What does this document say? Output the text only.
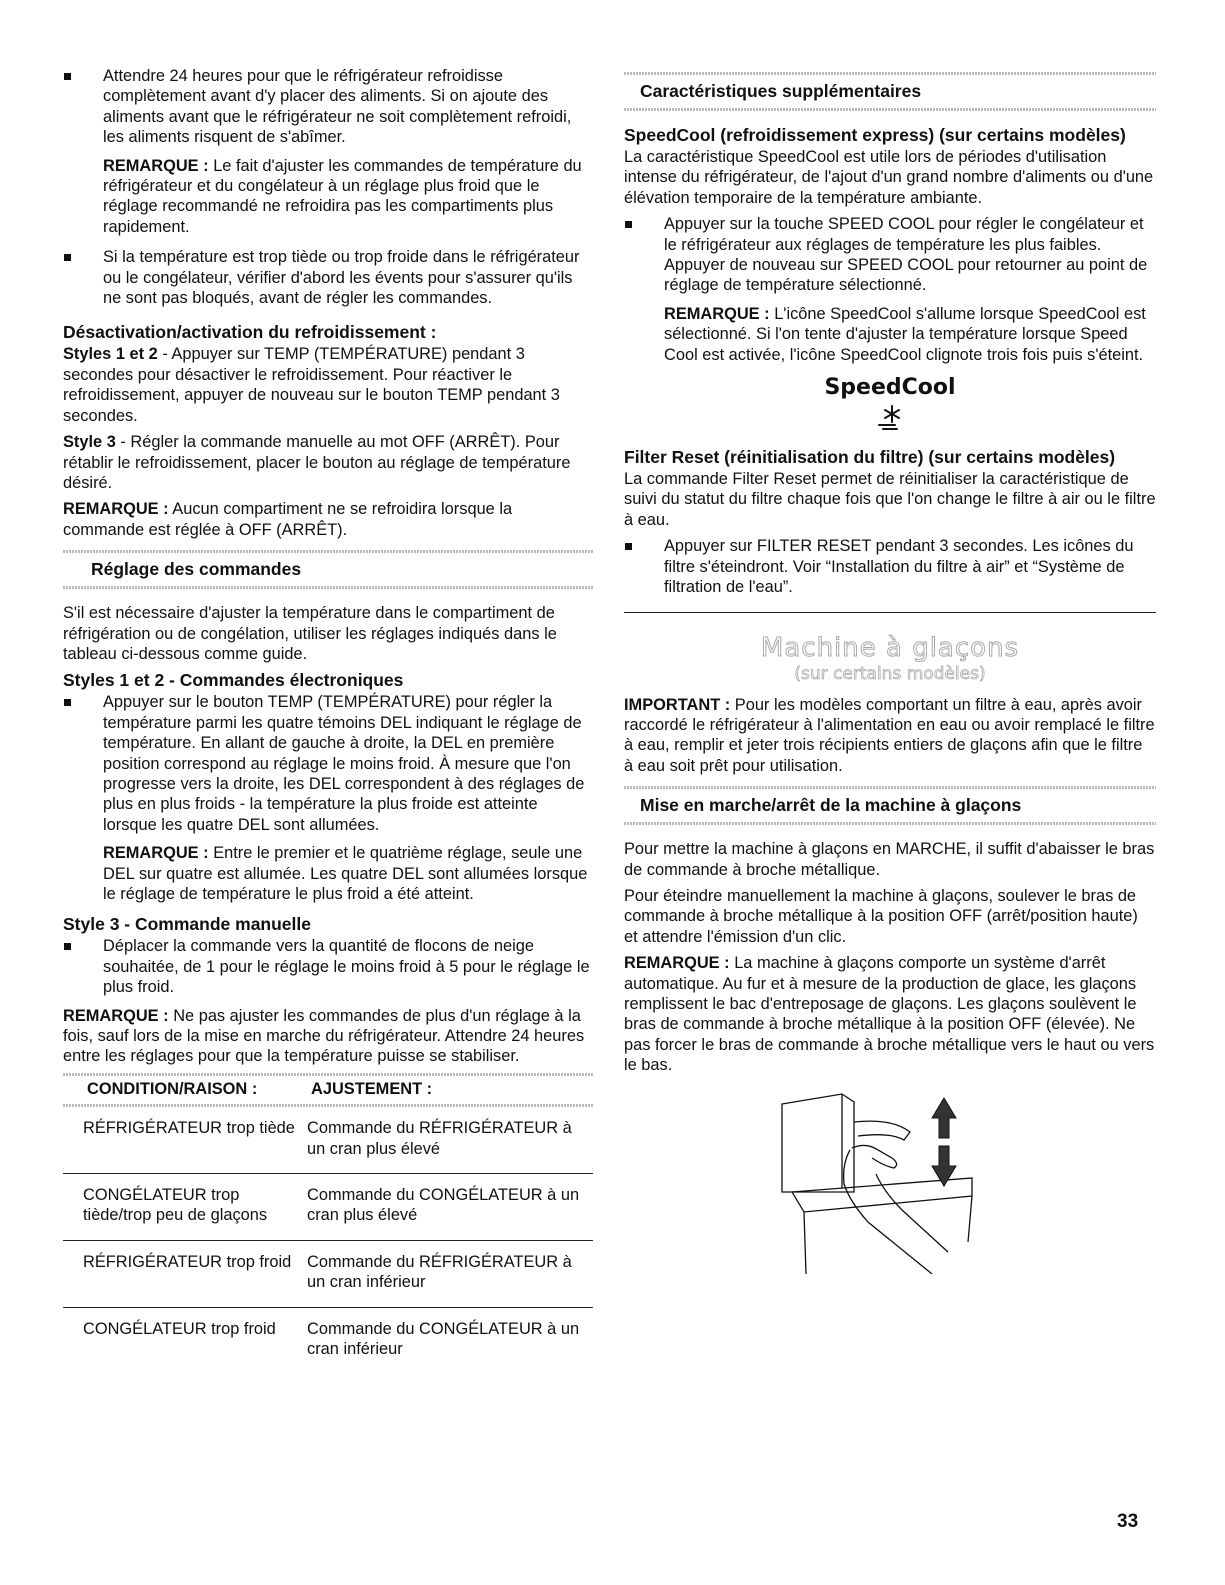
Attendre 24 heures pour que le réfrigérateur refroidisse complètement avant d'y placer des aliments. Si on ajoute des aliments avant que le réfrigérateur ne soit complètement refroidi, les aliments risquent de s'abîmer.
REMARQUE : Le fait d'ajuster les commandes de température du réfrigérateur et du congélateur à un réglage plus froid que le réglage recommandé ne refroidira pas les compartiments plus rapidement.
Si la température est trop tiède ou trop froide dans le réfrigérateur ou le congélateur, vérifier d'abord les évents pour s'assurer qu'ils ne sont pas bloqués, avant de régler les commandes.
Désactivation/activation du refroidissement :

Styles 1 et 2 - Appuyer sur TEMP (TEMPÉRATURE) pendant 3 secondes pour désactiver le refroidissement. Pour réactiver le refroidissement, appuyer de nouveau sur le bouton TEMP pendant 3 secondes.

Style 3 - Régler la commande manuelle au mot OFF (ARRÊT). Pour rétablir le refroidissement, placer le bouton au réglage de température désiré.

REMARQUE : Aucun compartiment ne se refroidira lorsque la commande est réglée à OFF (ARRÊT).

Réglage des commandes

S'il est nécessaire d'ajuster la température dans le compartiment de réfrigération ou de congélation, utiliser les réglages indiqués dans le tableau ci-dessous comme guide.

Styles 1 et 2 - Commandes électroniques
Appuyer sur le bouton TEMP (TEMPÉRATURE) pour régler la température parmi les quatre témoins DEL indiquant le réglage de température. En allant de gauche à droite, la DEL en première position correspond au réglage le moins froid. À mesure que l'on progresse vers la droite, les DEL correspondent à des réglages de plus en plus froids - la température la plus froide est atteinte lorsque les quatre DEL sont allumées.
REMARQUE : Entre le premier et le quatrième réglage, seule une DEL sur quatre est allumée. Les quatre DEL sont allumées lorsque le réglage de température le plus froid a été atteint.
Style 3 - Commande manuelle
Déplacer la commande vers la quantité de flocons de neige souhaitée, de 1 pour le réglage le moins froid à 5 pour le réglage le plus froid.

REMARQUE : Ne pas ajuster les commandes de plus d'un réglage à la fois, sauf lors de la mise en marche du réfrigérateur. Attendre 24 heures entre les réglages pour que la température puisse se stabiliser.

CONDITION/RAISON :	AJUSTEMENT :
RÉFRIGÉRATEUR trop tiède Commande du RÉFRIGÉRATEUR à un cran plus élevé
CONGÉLATEUR trop tiède/trop peu de glaçons
Commande du CONGÉLATEUR à un cran plus élevé
RÉFRIGÉRATEUR trop froid Commande du RÉFRIGÉRATEUR à un cran inférieur
CONGÉLATEUR trop froid	Commande du CONGÉLATEUR à un cran inférieur
Caractéristiques supplémentaires
SpeedCool (refroidissement express) (sur certains modèles)

La caractéristique SpeedCool est utile lors de périodes d'utilisation intense du réfrigérateur, de l'ajout d'un grand nombre d'aliments ou d'une élévation temporaire de la température ambiante.

Appuyer sur la touche SPEED COOL pour régler le congélateur et le réfrigérateur aux réglages de température les plus faibles. Appuyer de nouveau sur SPEED COOL pour retourner au point de réglage de température sélectionné.
REMARQUE : L'icône SpeedCool s'allume lorsque SpeedCool est sélectionné. Si l'on tente d'ajuster la température lorsque Speed Cool est activée, l'icône SpeedCool clignote trois fois puis s'éteint.
SpeedCool
Filter Reset (réinitialisation du filtre) (sur certains modèles)

La commande Filter Reset permet de réinitialiser la caractéristique de suivi du statut du filtre chaque fois que l'on change le filtre à air ou le filtre à eau.

Appuyer sur FILTER RESET pendant 3 secondes. Les icônes du filtre s'éteindront. Voir “Installation du filtre à air” et “Système de filtration de l'eau”.
Machine à glaçons
(sur certains modèles)

IMPORTANT : Pour les modèles comportant un filtre à eau, après avoir raccordé le réfrigérateur à l'alimentation en eau ou avoir remplacé le filtre à eau, remplir et jeter trois récipients entiers de glaçons afin que le filtre à eau soit prêt pour utilisation.

Mise en marche/arrêt de la machine à glaçons

Pour mettre la machine à glaçons en MARCHE, il suffit d'abaisser le bras de commande à broche métallique.

Pour éteindre manuellement la machine à glaçons, soulever le bras de commande à broche métallique à la position OFF (arrêt/position haute) et attendre l'émission d'un clic.

REMARQUE : La machine à glaçons comporte un système d'arrêt automatique. Au fur et à mesure de la production de glace, les glaçons remplissent le bac d'entreposage de glaçons. Les glaçons soulèvent le bras de commande à broche métallique à la position OFF (élevée). Ne pas forcer le bras de commande à broche métallique vers le haut ou vers le bas.

33
